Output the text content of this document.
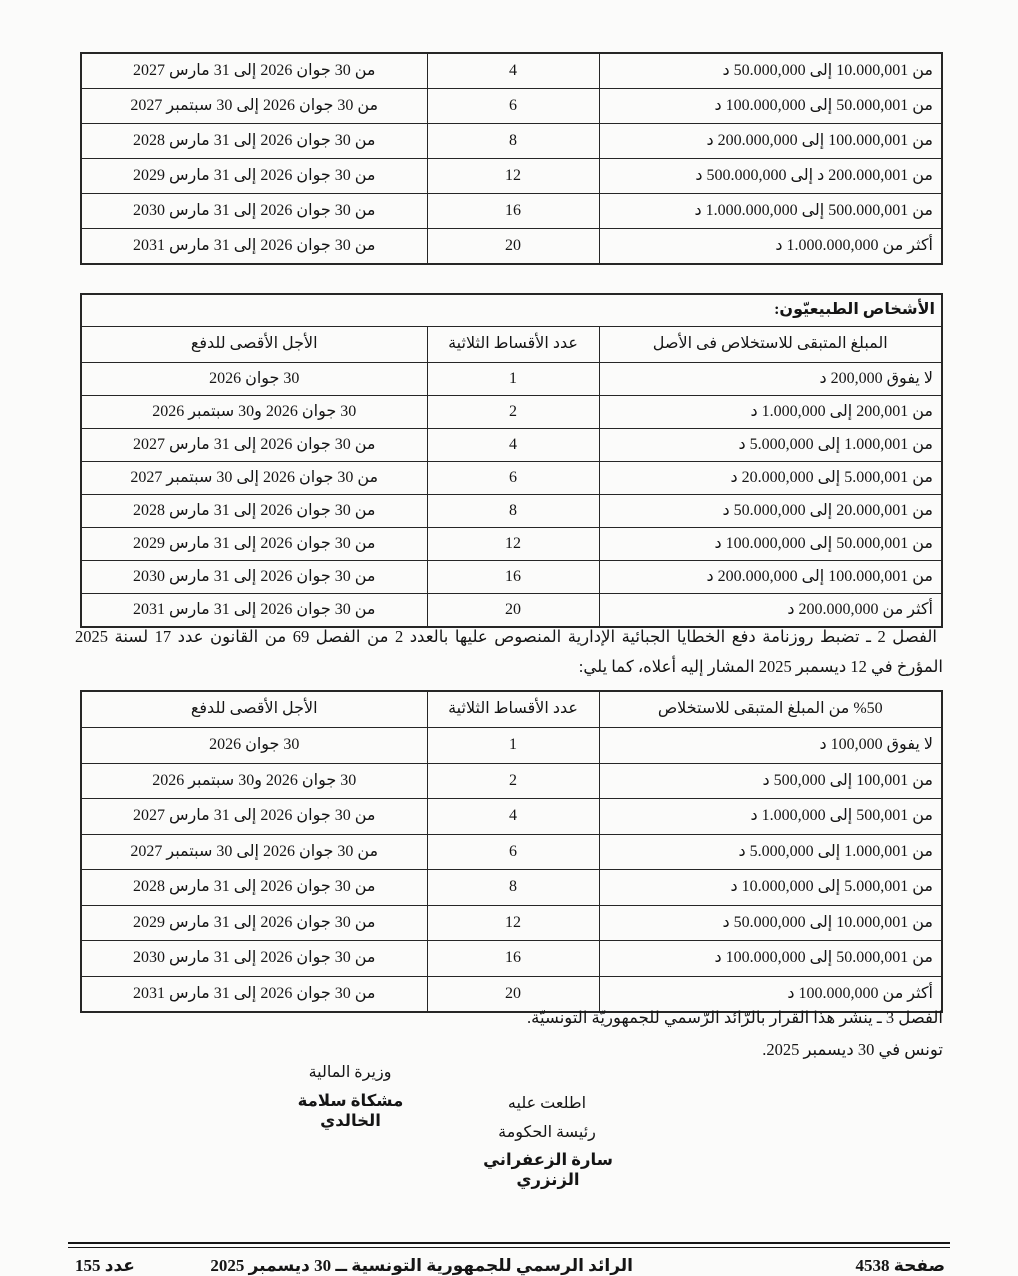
من 10.000,001 إلى 50.000,000 د	4	من 30 جوان 2026 إلى 31 مارس 2027
من 50.000,001 إلى 100.000,000 د	6	من 30 جوان 2026 إلى 30 سبتمبر 2027
من 100.000,001 إلى 200.000,000 د	8	من 30 جوان 2026 إلى 31 مارس 2028
من 200.000,001 د إلى 500.000,000 د	12	من 30 جوان 2026 إلى 31 مارس 2029
من 500.000,001 إلى 1.000.000,000 د	16	من 30 جوان 2026 إلى 31 مارس 2030
أكثر من 1.000.000,000 د	20	من 30 جوان 2026 إلى 31 مارس 2031
الأشخاص الطبيعيّون:		
المبلغ المتبقى للاستخلاص فى الأصل	عدد الأقساط الثلاثية	الأجل الأقصى للدفع
لا يفوق 200,000 د	1	30 جوان 2026
من 200,001 إلى 1.000,000 د	2	30 جوان 2026 و30 سبتمبر 2026
من 1.000,001 إلى 5.000,000 د	4	من 30 جوان 2026 إلى 31 مارس 2027
من 5.000,001 إلى 20.000,000 د	6	من 30 جوان 2026 إلى 30 سبتمبر 2027
من 20.000,001 إلى 50.000,000 د	8	من 30 جوان 2026 إلى 31 مارس 2028
من 50.000,001 إلى 100.000,000 د	12	من 30 جوان 2026 إلى 31 مارس 2029
من 100.000,001 إلى 200.000,000 د	16	من 30 جوان 2026 إلى 31 مارس 2030
أكثر من 200.000,000 د	20	من 30 جوان 2026 إلى 31 مارس 2031
الفصل 2 ـ تضبط روزنامة دفع الخطايا الجبائية الإدارية المنصوص عليها بالعدد 2 من الفصل 69 من القانون عدد 17 لسنة 2025
المؤرخ في 12 ديسمبر 2025 المشار إليه أعلاه، كما يلي:
%50 من المبلغ المتبقى للاستخلاص	عدد الأقساط الثلاثية	الأجل الأقصى للدفع
لا يفوق 100,000 د	1	30 جوان 2026
من 100,001 إلى 500,000 د	2	30 جوان 2026 و30 سبتمبر 2026
من 500,001 إلى 1.000,000 د	4	من 30 جوان 2026 إلى 31 مارس 2027
من 1.000,001 إلى 5.000,000 د	6	من 30 جوان 2026 إلى 30 سبتمبر 2027
من 5.000,001 إلى 10.000,000 د	8	من 30 جوان 2026 إلى 31 مارس 2028
من 10.000,001 إلى 50.000,000 د	12	من 30 جوان 2026 إلى 31 مارس 2029
من 50.000,001 إلى 100.000,000 د	16	من 30 جوان 2026 إلى 31 مارس 2030
أكثر من 100.000,000 د	20	من 30 جوان 2026 إلى 31 مارس 2031
الفصل 3 ـ ينشر هذا القرار بالرّائد الرّسمي للجمهوريّة التونسيّة.
تونس في 30 ديسمبر 2025.
وزيرة المالية
مشكاة سلامة الخالدي
اطلعت عليه
رئيسة الحكومة
سارة الزعفراني الزنزري
عدد 155	الرائد الرسمي للجمهورية التونسية ــ 30 ديسمبر 2025	صفحة 4538
